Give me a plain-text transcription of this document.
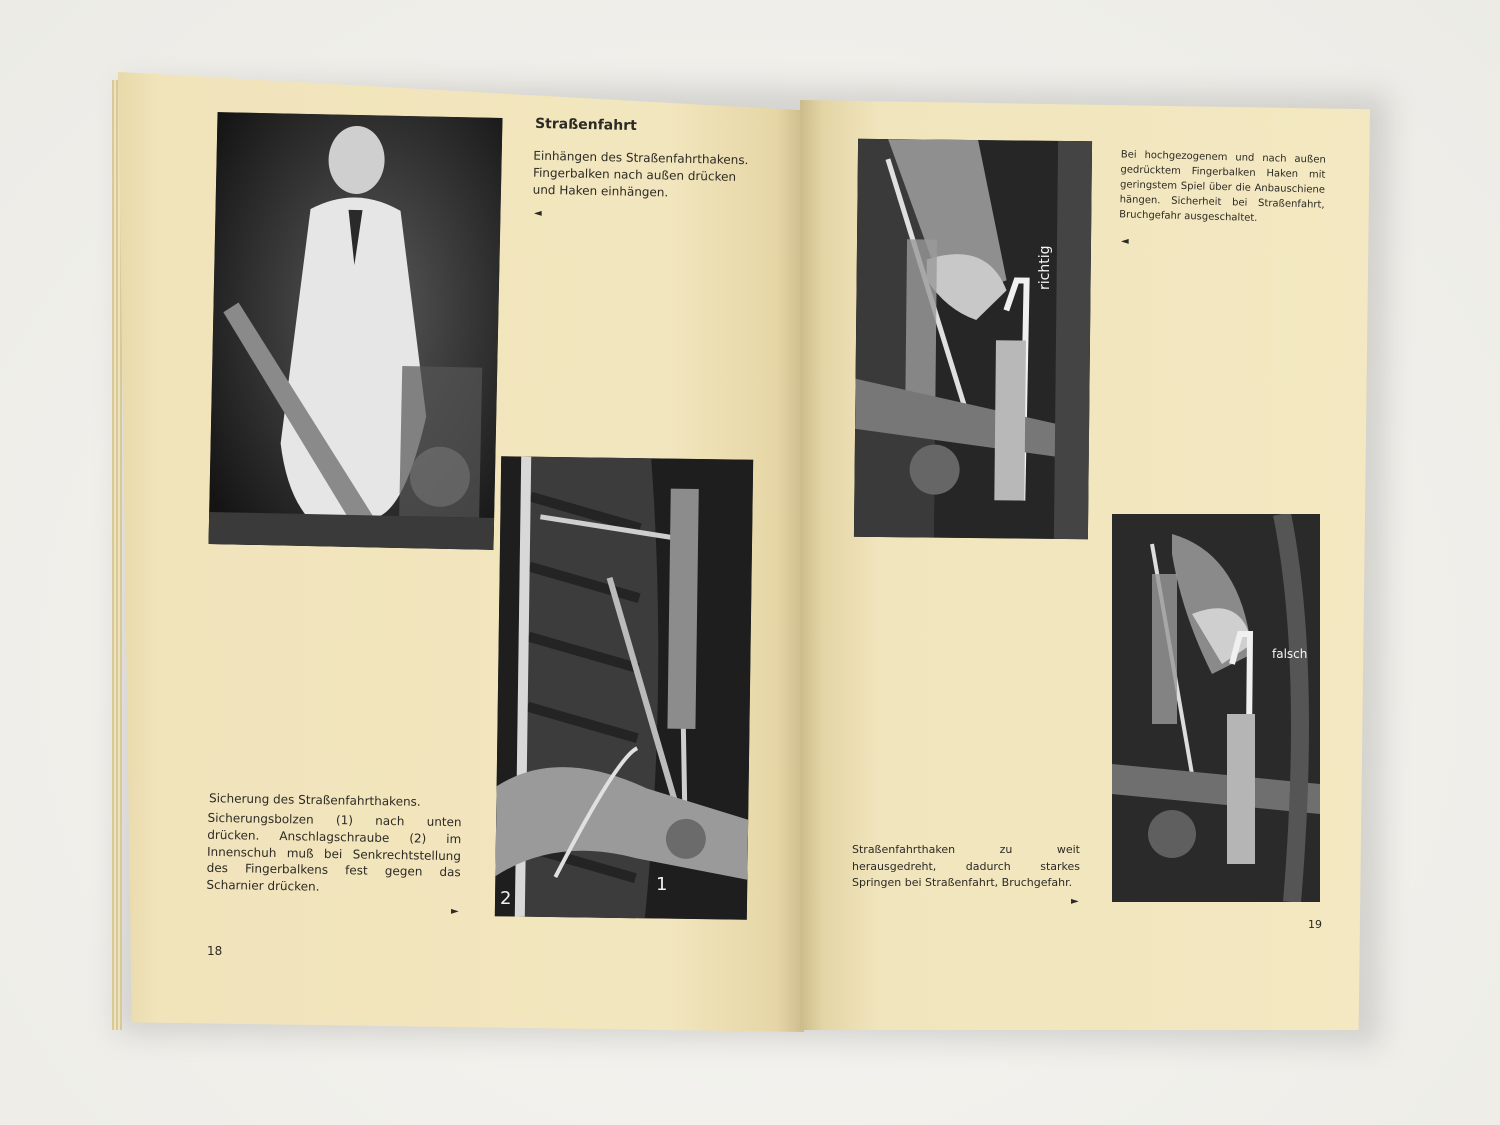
Straßenfahrt
Einhängen des Straßenfahrthakens. Fingerbalken nach außen drücken und Haken einhängen.
◄
2
1
Sicherung des Straßenfahrthakens.
Sicherungsbolzen (1) nach unten drücken. Anschlagschraube (2) im Innenschuh muß bei Senkrechtstellung des Fingerbalkens fest gegen das Scharnier drücken.
►
18
richtig
Bei hochgezogenem und nach außen gedrücktem Fingerbalken Haken mit geringstem Spiel über die Anbauschiene hängen. Sicherheit bei Straßenfahrt, Bruchgefahr ausgeschaltet.
◄
falsch
Straßenfahrthaken zu weit herausgedreht, dadurch starkes Springen bei Straßenfahrt, Bruchgefahr.
►
19
